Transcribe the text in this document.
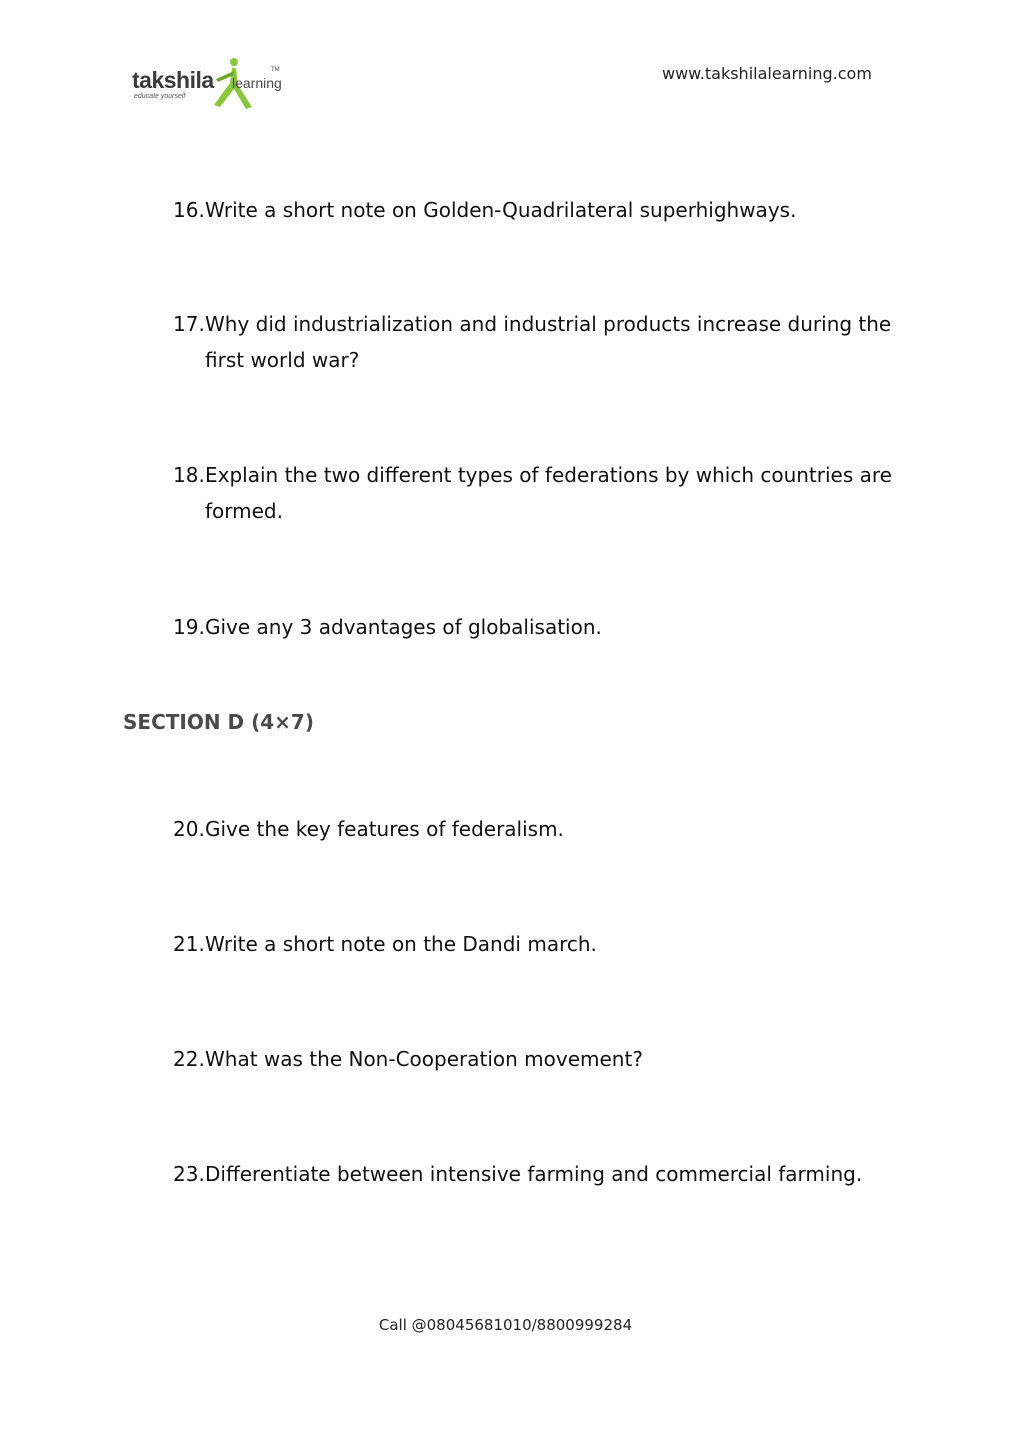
takshila learning
TM
educate yourself
www.takshilalearning.com
16. Write a short note on Golden-Quadrilateral superhighways.
17. Why did industrialization and industrial products increase during the first world war?
18. Explain the two different types of federations by which countries are formed.
19. Give any 3 advantages of globalisation.
SECTION D (4×7)
20. Give the key features of federalism.
21. Write a short note on the Dandi march.
22. What was the Non-Cooperation movement?
23. Differentiate between intensive farming and commercial farming.
Call @08045681010/8800999284
